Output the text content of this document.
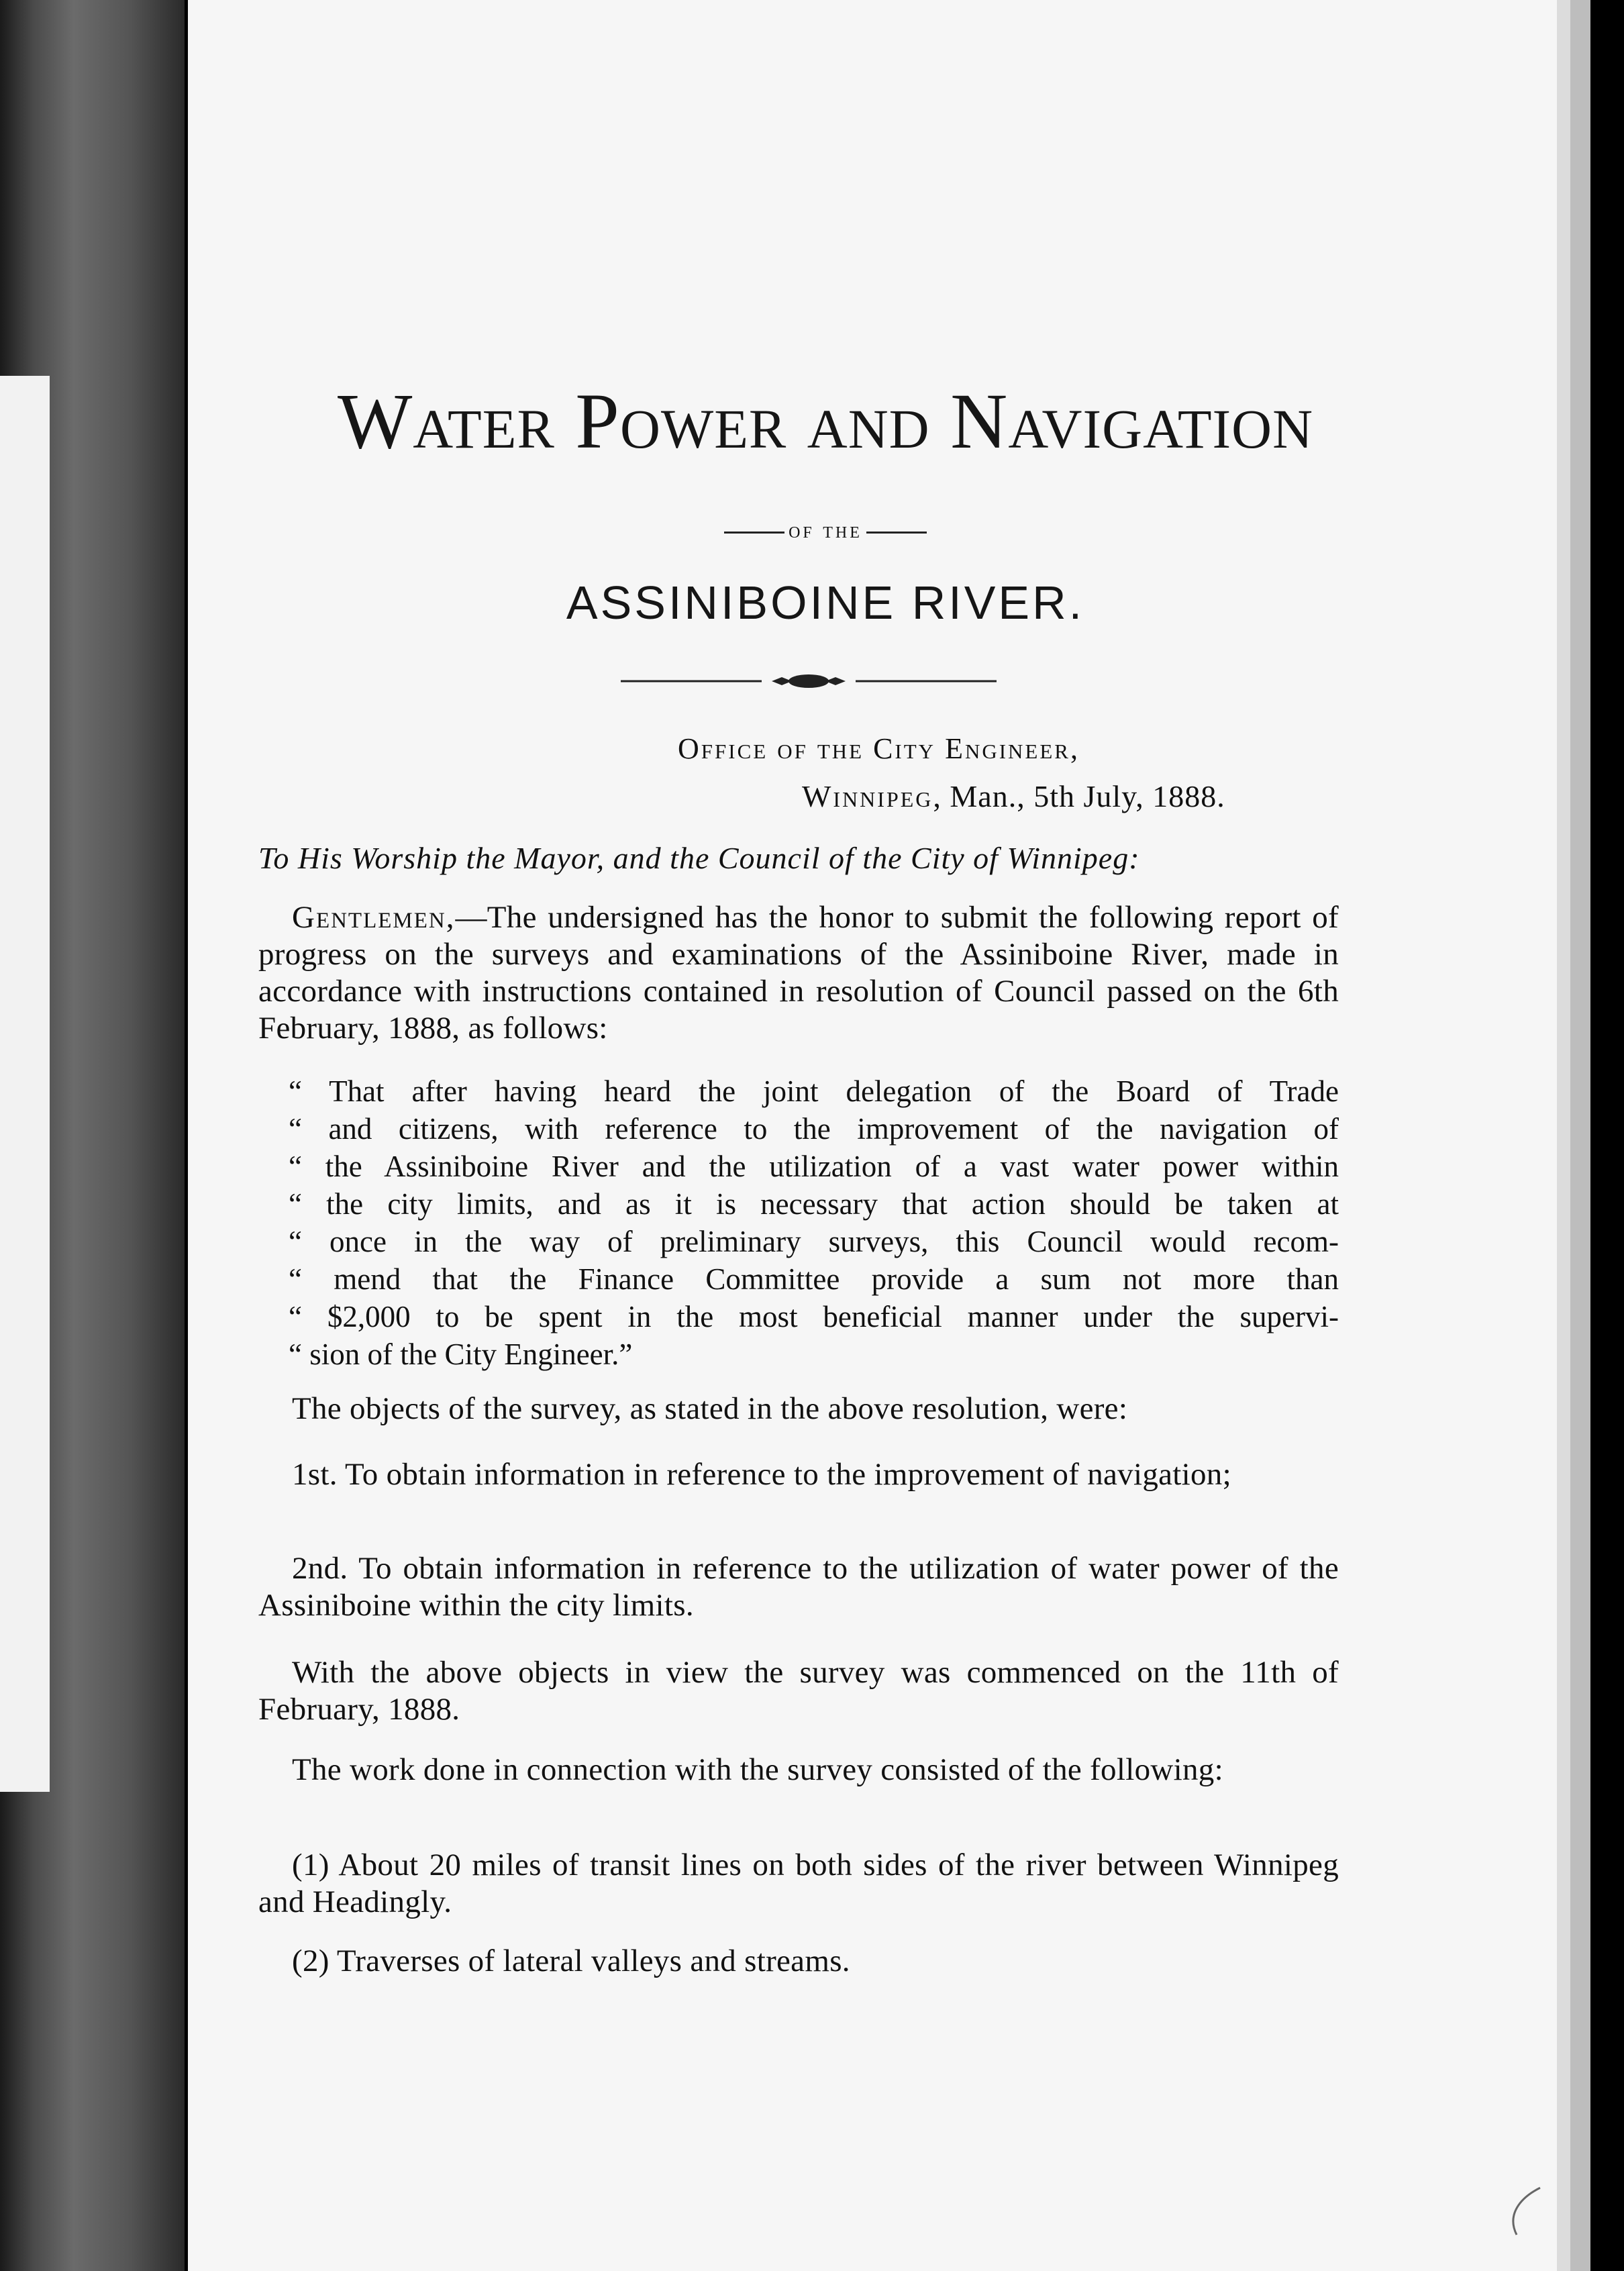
Water Power and Navigation
of the
ASSINIBOINE RIVER.
Office of the City Engineer,
Winnipeg, Man., 5th July, 1888.
To His Worship the Mayor, and the Council of the City of Winnipeg:

Gentlemen,—The undersigned has the honor to submit the following report of progress on the surveys and examinations of the Assiniboine River, made in accordance with instructions contained in resolution of Council passed on the 6th February, 1888, as follows:

“ That after having heard the joint delegation of the Board of Trade
“ and citizens, with reference to the improvement of the navigation of
“ the Assiniboine River and the utilization of a vast water power within
“ the city limits, and as it is necessary that action should be taken at
“ once in the way of preliminary surveys, this Council would recom-
“ mend that the Finance Committee provide a sum not more than
“ $2,000 to be spent in the most beneficial manner under the supervi-
“ sion of the City Engineer.”

The objects of the survey, as stated in the above resolution, were:

1st. To obtain information in reference to the improvement of navigation;

2nd. To obtain information in reference to the utilization of water power of the Assiniboine within the city limits.

With the above objects in view the survey was commenced on the 11th of February, 1888.

The work done in connection with the survey consisted of the following:

(1) About 20 miles of transit lines on both sides of the river between Winnipeg and Headingly.

(2) Traverses of lateral valleys and streams.
